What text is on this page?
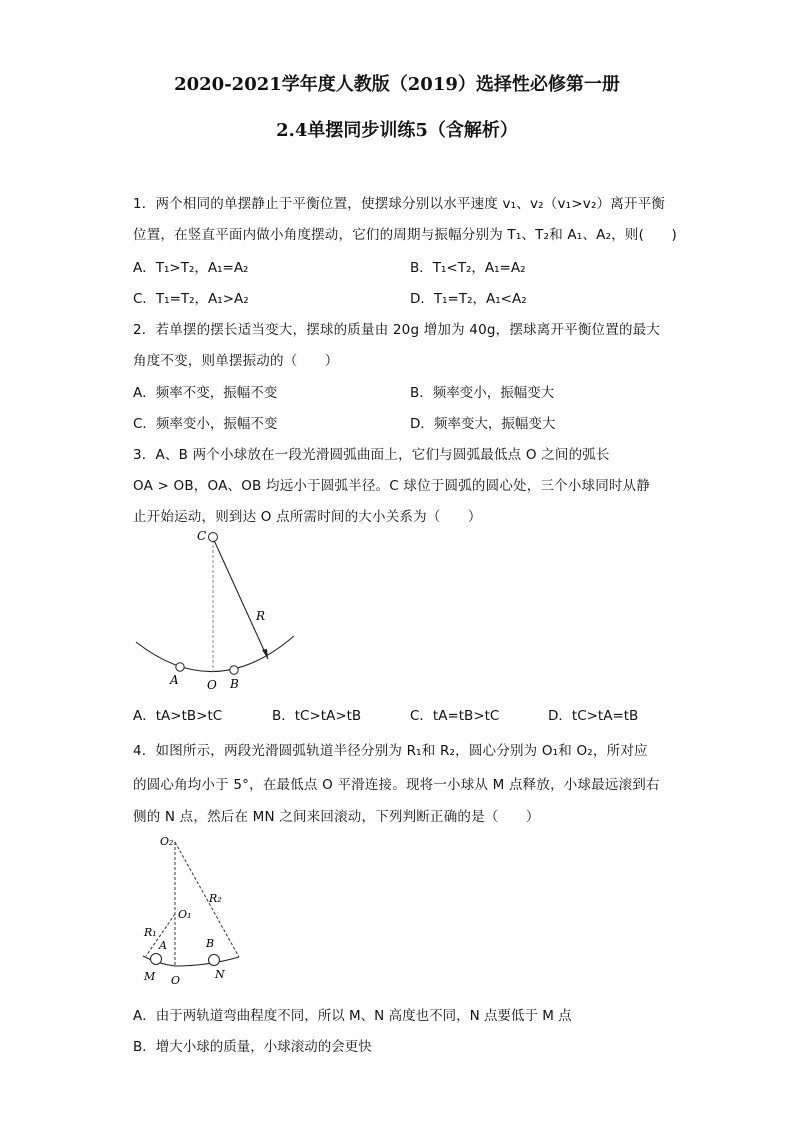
2020-2021学年度人教版（2019）选择性必修第一册
2.4单摆同步训练5（含解析）
1．两个相同的单摆静止于平衡位置，使摆球分别以水平速度 v₁、v₂（v₁>v₂）离开平衡
位置，在竖直平面内做小角度摆动，它们的周期与振幅分别为 T₁、T₂和 A₁、A₂，则(　　)
A．T₁>T₂，A₁=A₂	B．T₁<T₂，A₁=A₂
C．T₁=T₂，A₁>A₂	D．T₁=T₂，A₁<A₂
2．若单摆的摆长适当变大，摆球的质量由 20g 增加为 40g，摆球离开平衡位置的最大
角度不变，则单摆振动的（　　）
A．频率不变，振幅不变	B．频率变小，振幅变大
C．频率变小，振幅不变	D．频率变大，振幅变大
3．A、B 两个小球放在一段光滑圆弧曲面上，它们与圆弧最低点 O 之间的弧长
OA > OB，OA、OB 均远小于圆弧半径。C 球位于圆弧的圆心处，三个小球同时从静
止开始运动，则到达 O 点所需时间的大小关系为（　　）
C
R
A O B
A．tA>tB>tC	B．tC>tA>tB	C．tA=tB>tC	D．tC>tA=tB
4．如图所示，两段光滑圆弧轨道半径分别为 R₁和 R₂，圆心分别为 O₁和 O₂，所对应
的圆心角均小于 5°，在最低点 O 平滑连接。现将一小球从 M 点释放，小球最远滚到右
侧的 N 点，然后在 MN 之间来回滚动，下列判断正确的是（　　）
O₂
O₁
R₁
R₂
A	B
M O	N
A．由于两轨道弯曲程度不同，所以 M、N 高度也不同，N 点要低于 M 点
B．增大小球的质量，小球滚动的会更快
